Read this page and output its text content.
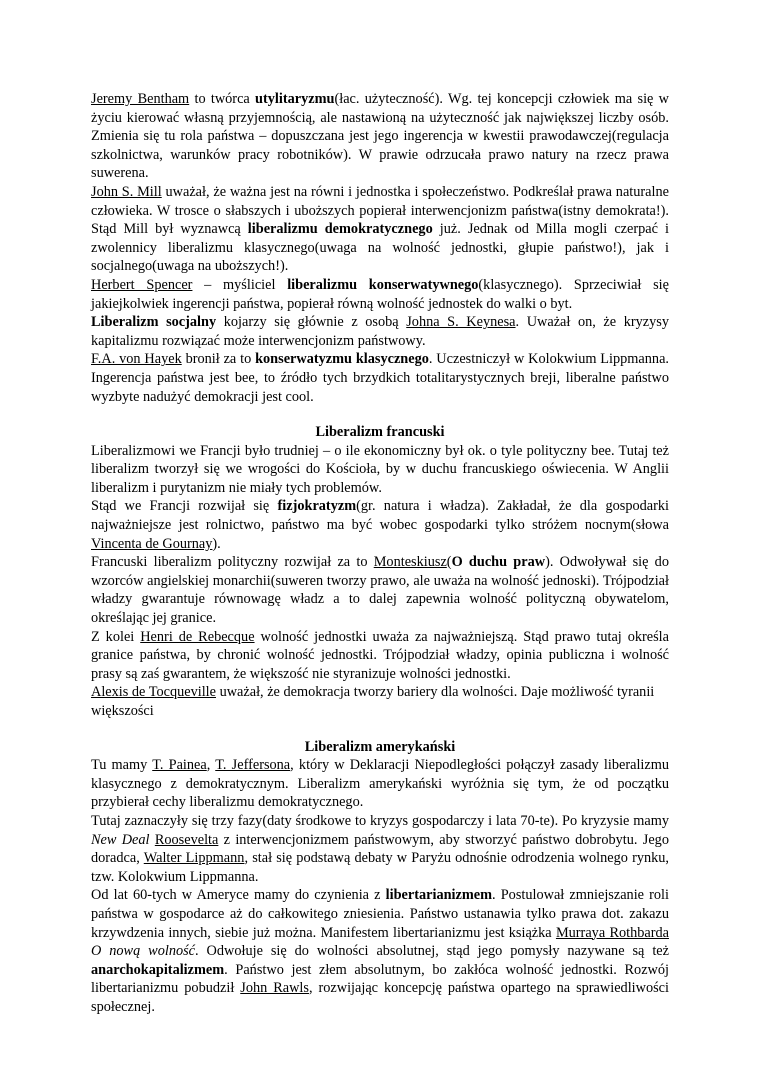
Jeremy Bentham to twórca utylitaryzmu(łac. użyteczność). Wg. tej koncepcji człowiek ma się w życiu kierować własną przyjemnością, ale nastawioną na użyteczność jak największej liczby osób. Zmienia się tu rola państwa – dopuszczana jest jego ingerencja w kwestii prawodawczej(regulacja szkolnictwa, warunków pracy robotników). W prawie odrzucała prawo natury na rzecz prawa suwerena.

John S. Mill uważał, że ważna jest na równi i jednostka i społeczeństwo. Podkreślał prawa naturalne człowieka. W trosce o słabszych i uboższych popierał interwencjonizm państwa(istny demokrata!). Stąd Mill był wyznawcą liberalizmu demokratycznego już. Jednak od Milla mogli czerpać i zwolennicy liberalizmu klasycznego(uwaga na wolność jednostki, głupie państwo!), jak i socjalnego(uwaga na uboższych!).

Herbert Spencer – myśliciel liberalizmu konserwatywnego(klasycznego). Sprzeciwiał się jakiejkolwiek ingerencji państwa, popierał równą wolność jednostek do walki o byt.

Liberalizm socjalny kojarzy się głównie z osobą Johna S. Keynesa. Uważał on, że kryzysy kapitalizmu rozwiązać może interwencjonizm państwowy.

F.A. von Hayek bronił za to konserwatyzmu klasycznego. Uczestniczył w Kolokwium Lippmanna. Ingerencja państwa jest bee, to źródło tych brzydkich totalitarystycznych breji, liberalne państwo wyzbyte nadużyć demokracji jest cool.

Liberalizm francuski

Liberalizmowi we Francji było trudniej – o ile ekonomiczny był ok. o tyle polityczny bee. Tutaj też liberalizm tworzył się we wrogości do Kościoła, by w duchu francuskiego oświecenia. W Anglii liberalizm i purytanizm nie miały tych problemów.

Stąd we Francji rozwijał się fizjokratyzm(gr. natura i władza). Zakładał, że dla gospodarki najważniejsze jest rolnictwo, państwo ma być wobec gospodarki tylko stróżem nocnym(słowa Vincenta de Gournay).

Francuski liberalizm polityczny rozwijał za to Monteskiusz(O duchu praw). Odwoływał się do wzorców angielskiej monarchii(suweren tworzy prawo, ale uważa na wolność jednoski). Trójpodział władzy gwarantuje równowagę władz a to dalej zapewnia wolność polityczną obywatelom, określając jej granice.

Z kolei Henri de Rebecque wolność jednostki uważa za najważniejszą. Stąd prawo tutaj określa granice państwa, by chronić wolność jednostki. Trójpodział władzy, opinia publiczna i wolność prasy są zaś gwarantem, że większość nie styranizuje wolności jednostki.

Alexis de Tocqueville uważał, że demokracja tworzy bariery dla wolności. Daje możliwość tyranii większości

Liberalizm amerykański

Tu mamy T. Painea, T. Jeffersona, który w Deklaracji Niepodległości połączył zasady liberalizmu klasycznego z demokratycznym. Liberalizm amerykański wyróżnia się tym, że od początku przybierał cechy liberalizmu demokratycznego.

Tutaj zaznaczyły się trzy fazy(daty środkowe to kryzys gospodarczy i lata 70-te). Po kryzysie mamy New Deal Roosevelta z interwencjonizmem państwowym, aby stworzyć państwo dobrobytu. Jego doradca, Walter Lippmann, stał się podstawą debaty w Paryżu odnośnie odrodzenia wolnego rynku, tzw. Kolokwium Lippmanna.

Od lat 60-tych w Ameryce mamy do czynienia z libertarianizmem. Postulował zmniejszanie roli państwa w gospodarce aż do całkowitego zniesienia. Państwo ustanawia tylko prawa dot. zakazu krzywdzenia innych, siebie już można. Manifestem libertarianizmu jest książka Murraya Rothbarda O nową wolność. Odwołuje się do wolności absolutnej, stąd jego pomysły nazywane są też anarchokapitalizmem. Państwo jest złem absolutnym, bo zakłóca wolność jednostki. Rozwój libertarianizmu pobudził John Rawls, rozwijając koncepcję państwa opartego na sprawiedliwości społecznej.
